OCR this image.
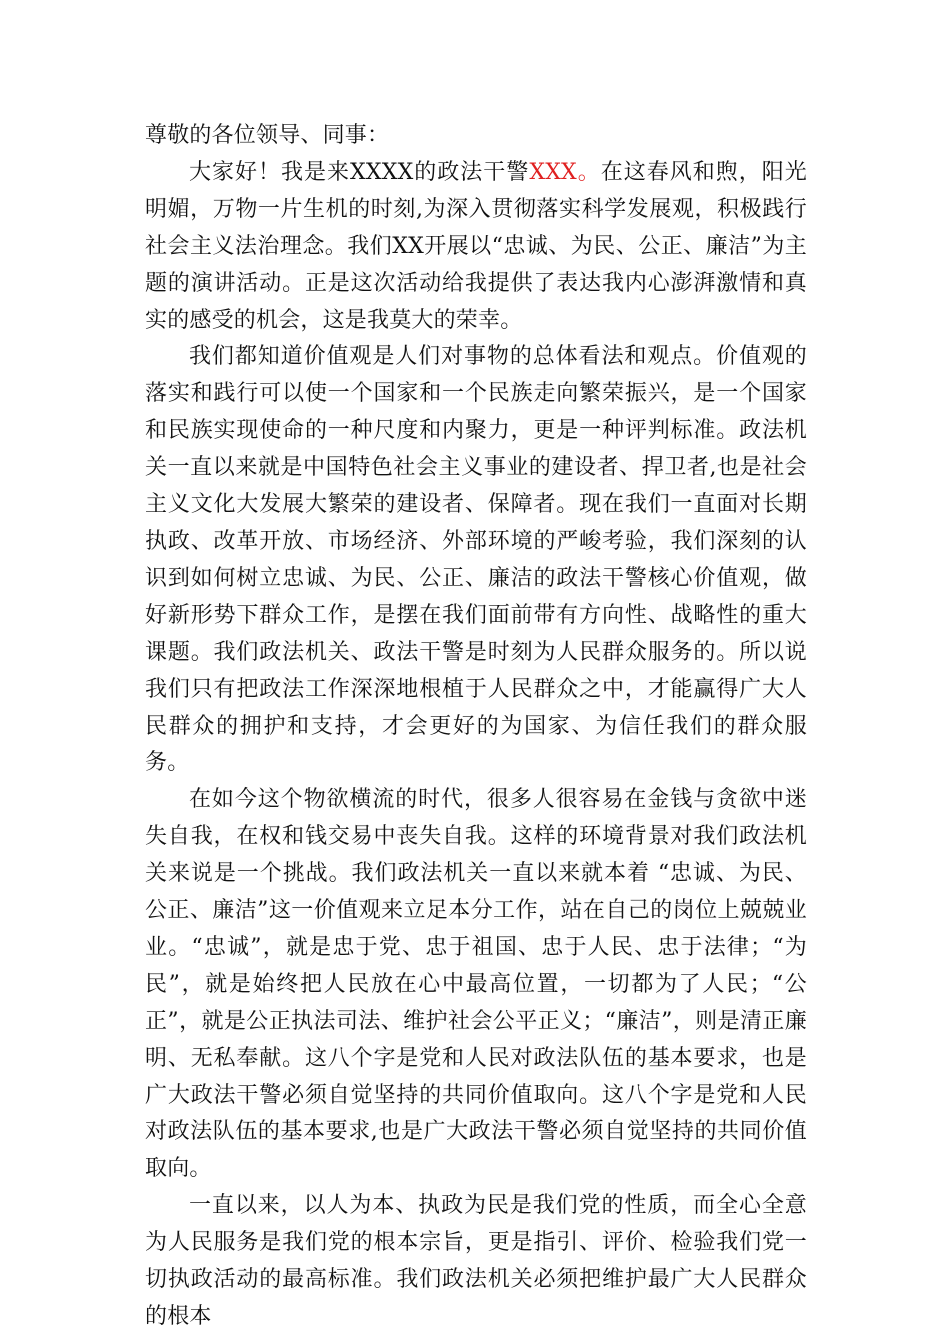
尊敬的各位领导、同事：

大家好！我是来XXXX的政法干警XXX。在这春风和煦，阳光明媚，万物一片生机的时刻,为深入贯彻落实科学发展观，积极践行社会主义法治理念。我们XX开展以“忠诚、为民、公正、廉洁”为主题的演讲活动。正是这次活动给我提供了表达我内心澎湃激情和真实的感受的机会，这是我莫大的荣幸。

我们都知道价值观是人们对事物的总体看法和观点。价值观的落实和践行可以使一个国家和一个民族走向繁荣振兴，是一个国家和民族实现使命的一种尺度和内聚力，更是一种评判标准。政法机关一直以来就是中国特色社会主义事业的建设者、捍卫者,也是社会主义文化大发展大繁荣的建设者、保障者。现在我们一直面对长期执政、改革开放、市场经济、外部环境的严峻考验，我们深刻的认识到如何树立忠诚、为民、公正、廉洁的政法干警核心价值观，做好新形势下群众工作，是摆在我们面前带有方向性、战略性的重大课题。我们政法机关、政法干警是时刻为人民群众服务的。所以说我们只有把政法工作深深地根植于人民群众之中，才能赢得广大人民群众的拥护和支持，才会更好的为国家、为信任我们的群众服务。

在如今这个物欲横流的时代，很多人很容易在金钱与贪欲中迷失自我，在权和钱交易中丧失自我。这样的环境背景对我们政法机关来说是一个挑战。我们政法机关一直以来就本着 “忠诚、为民、公正、廉洁”这一价值观来立足本分工作，站在自己的岗位上兢兢业业。“忠诚”，就是忠于党、忠于祖国、忠于人民、忠于法律；“为民”，就是始终把人民放在心中最高位置，一切都为了人民；“公正”，就是公正执法司法、维护社会公平正义；“廉洁”，则是清正廉明、无私奉献。这八个字是党和人民对政法队伍的基本要求，也是广大政法干警必须自觉坚持的共同价值取向。这八个字是党和人民对政法队伍的基本要求,也是广大政法干警必须自觉坚持的共同价值取向。

一直以来，以人为本、执政为民是我们党的性质，而全心全意为人民服务是我们党的根本宗旨，更是指引、评价、检验我们党一切执政活动的最高标准。我们政法机关必须把维护最广大人民群众的根本
